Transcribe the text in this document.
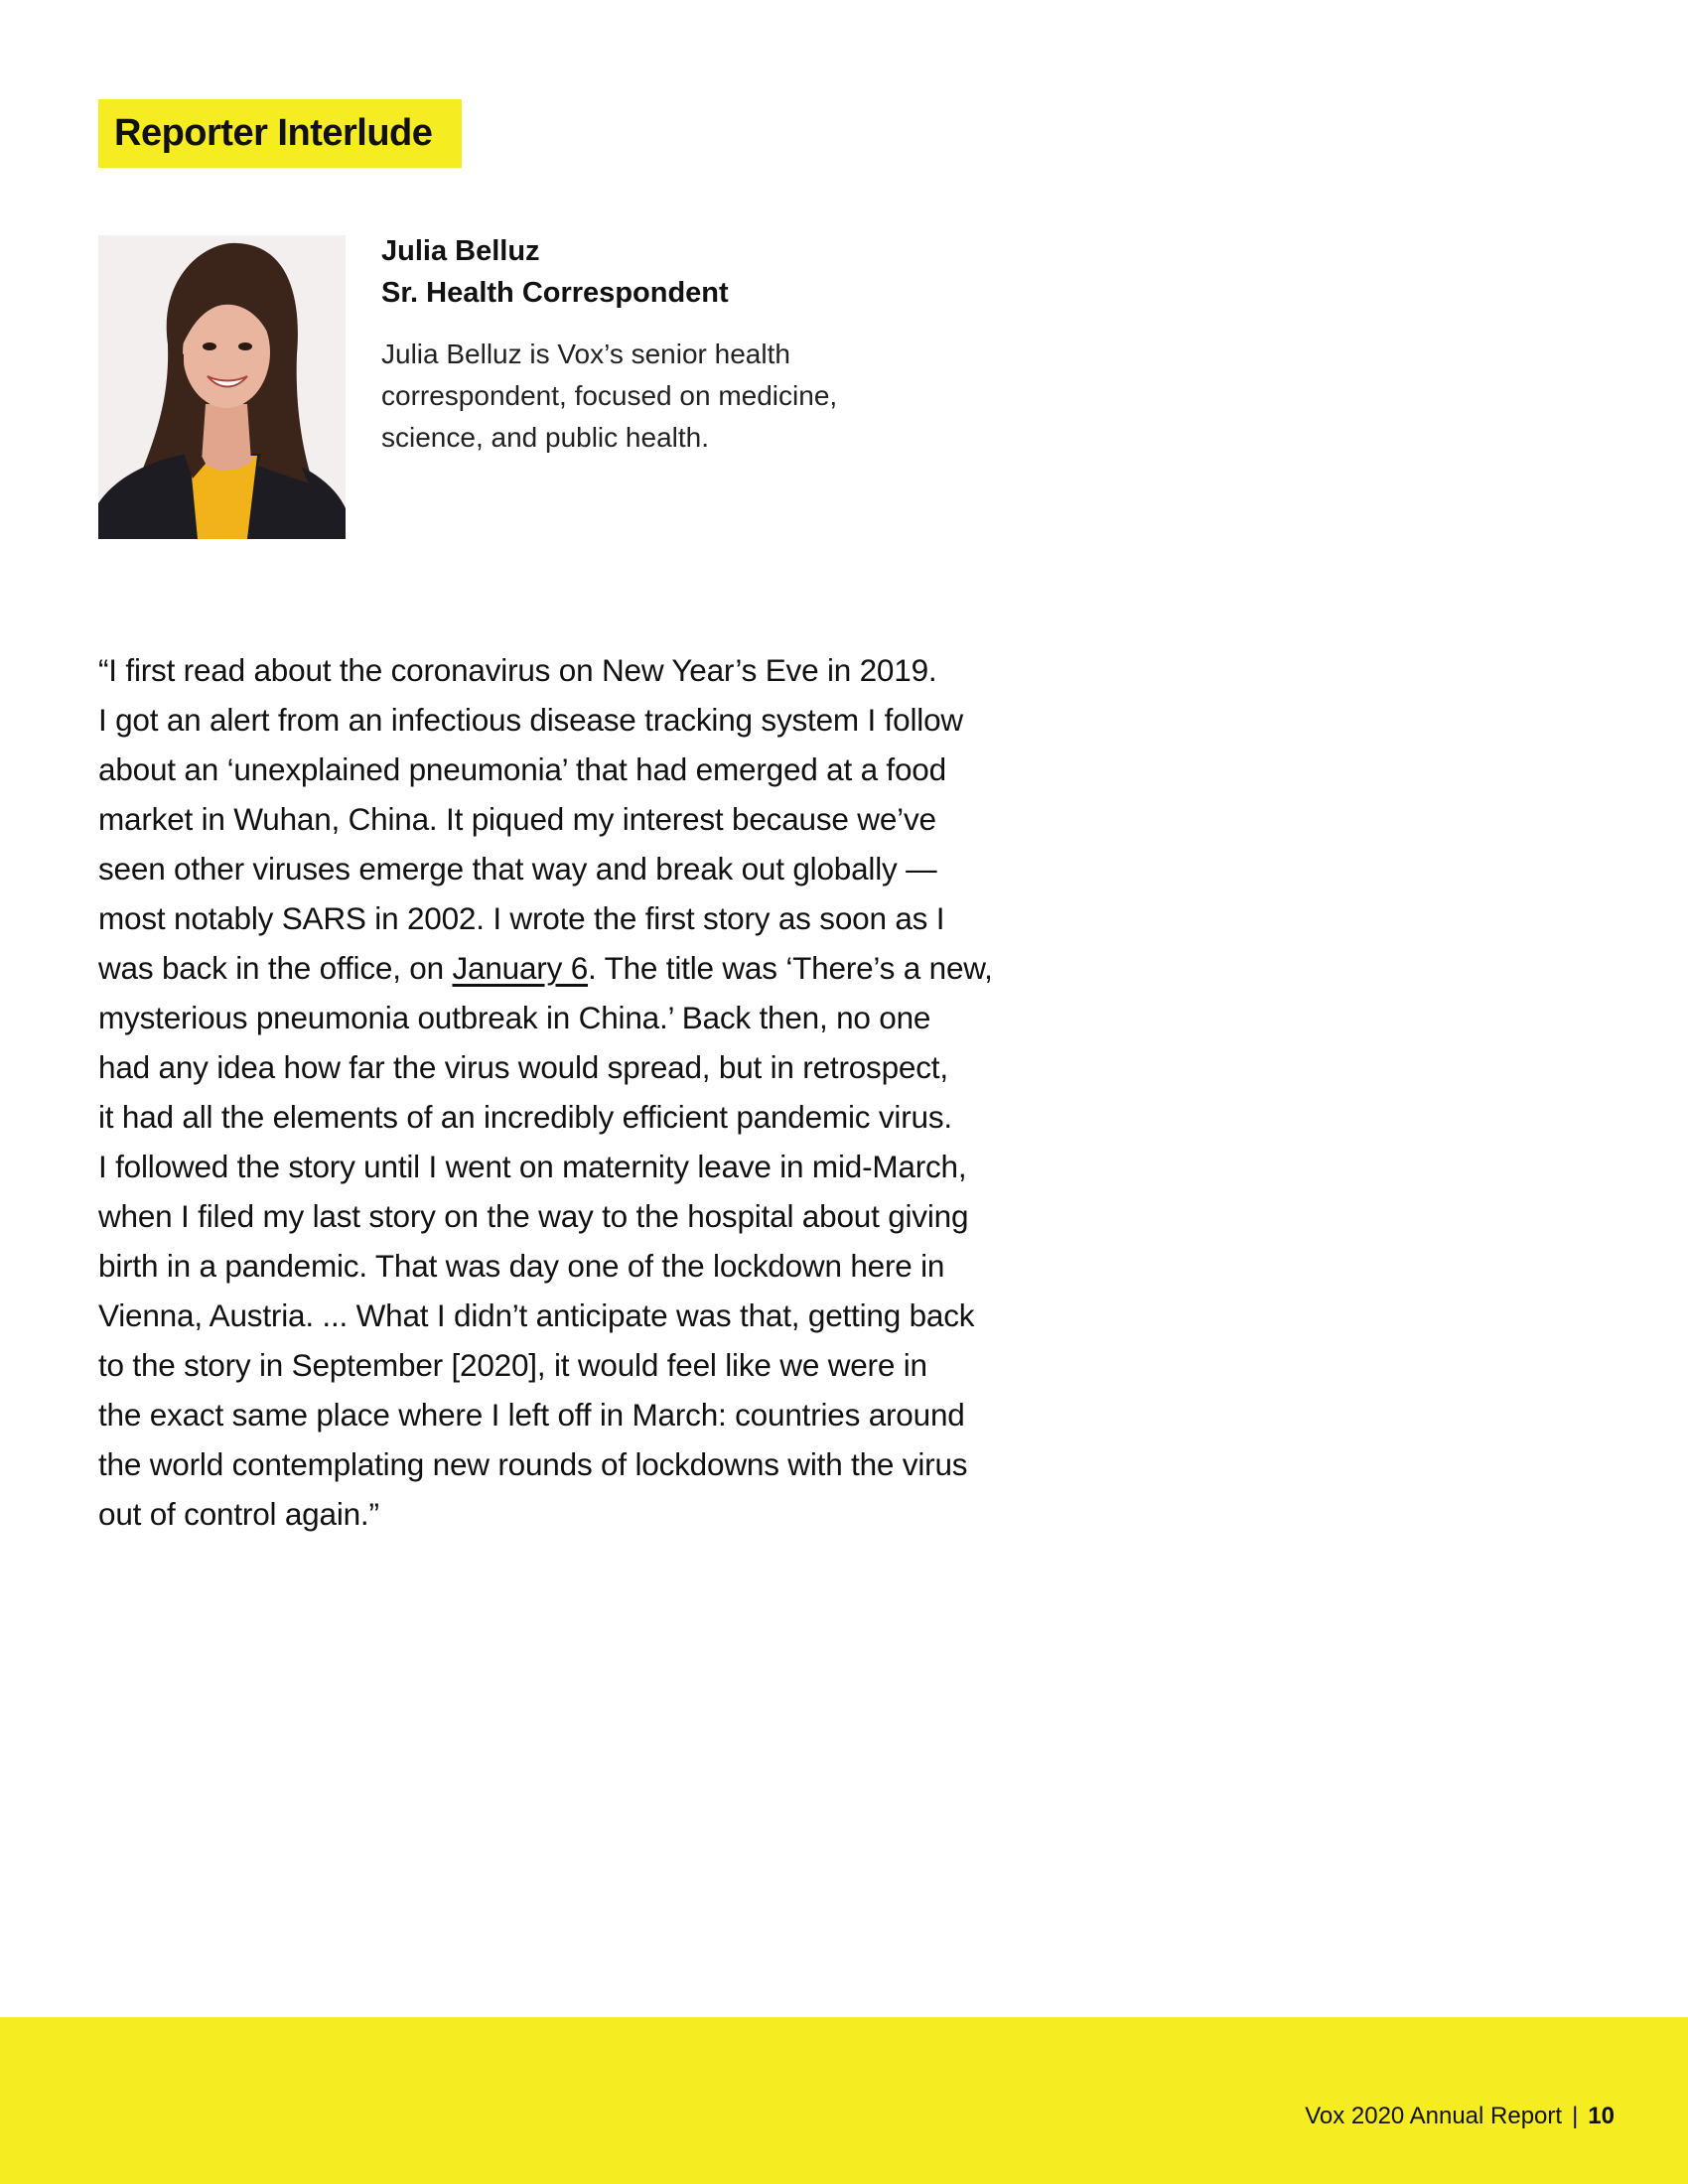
Reporter Interlude
Julia Belluz
Sr. Health Correspondent
Julia Belluz is Vox’s senior health
correspondent, focused on medicine,
science, and public health.
“I first read about the coronavirus on New Year’s Eve in 2019.
I got an alert from an infectious disease tracking system I follow
about an ‘unexplained pneumonia’ that had emerged at a food
market in Wuhan, China. It piqued my interest because we’ve
seen other viruses emerge that way and break out globally —
most notably SARS in 2002. I wrote the first story as soon as I
was back in the office, on January 6. The title was ‘There’s a new,
mysterious pneumonia outbreak in China.’ Back then, no one
had any idea how far the virus would spread, but in retrospect,
it had all the elements of an incredibly efficient pandemic virus.
I followed the story until I went on maternity leave in mid-March,
when I filed my last story on the way to the hospital about giving
birth in a pandemic. That was day one of the lockdown here in
Vienna, Austria. ... What I didn’t anticipate was that, getting back
to the story in September [2020], it would feel like we were in
the exact same place where I left off in March: countries around
the world contemplating new rounds of lockdowns with the virus
out of control again.”
Vox 2020 Annual Report | 10
